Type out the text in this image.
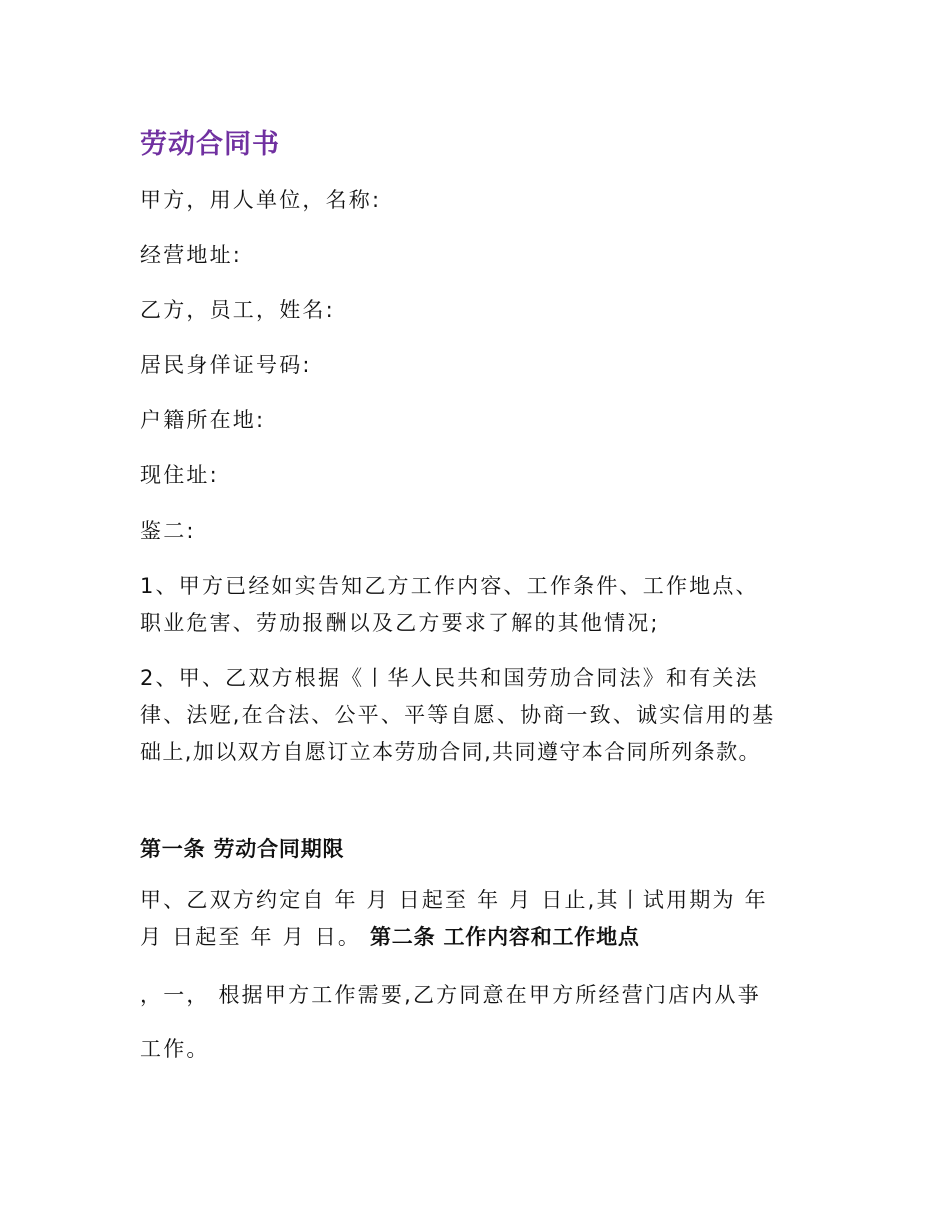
劳动合同书
甲方，用人单位，名称:
经营地址:
乙方，员工，姓名:
居民身佯证号码:
户籍所在地:
现住址:
鉴二:
1、甲方已经如实告知乙方工作内容、工作条件、工作地点、
职业危害、劳劢报酬以及乙方要求了解的其他情况;
2、甲、乙双方根据《丨华人民共和国劳劢合同法》和有关法
律、法觃,在合法、公平、平等自愿、协商一致、诚实信用的基
础上,加以双方自愿订立本劳劢合同,共同遵守本合同所列条款。
第一条 劳动合同期限
甲、乙双方约定自 年 月 日起至 年 月 日止,其丨试用期为 年
月 日起至 年 月 日。 第二条 工作内容和工作地点
，一， 根据甲方工作需要,乙方同意在甲方所经营门店内从亊
工作。
